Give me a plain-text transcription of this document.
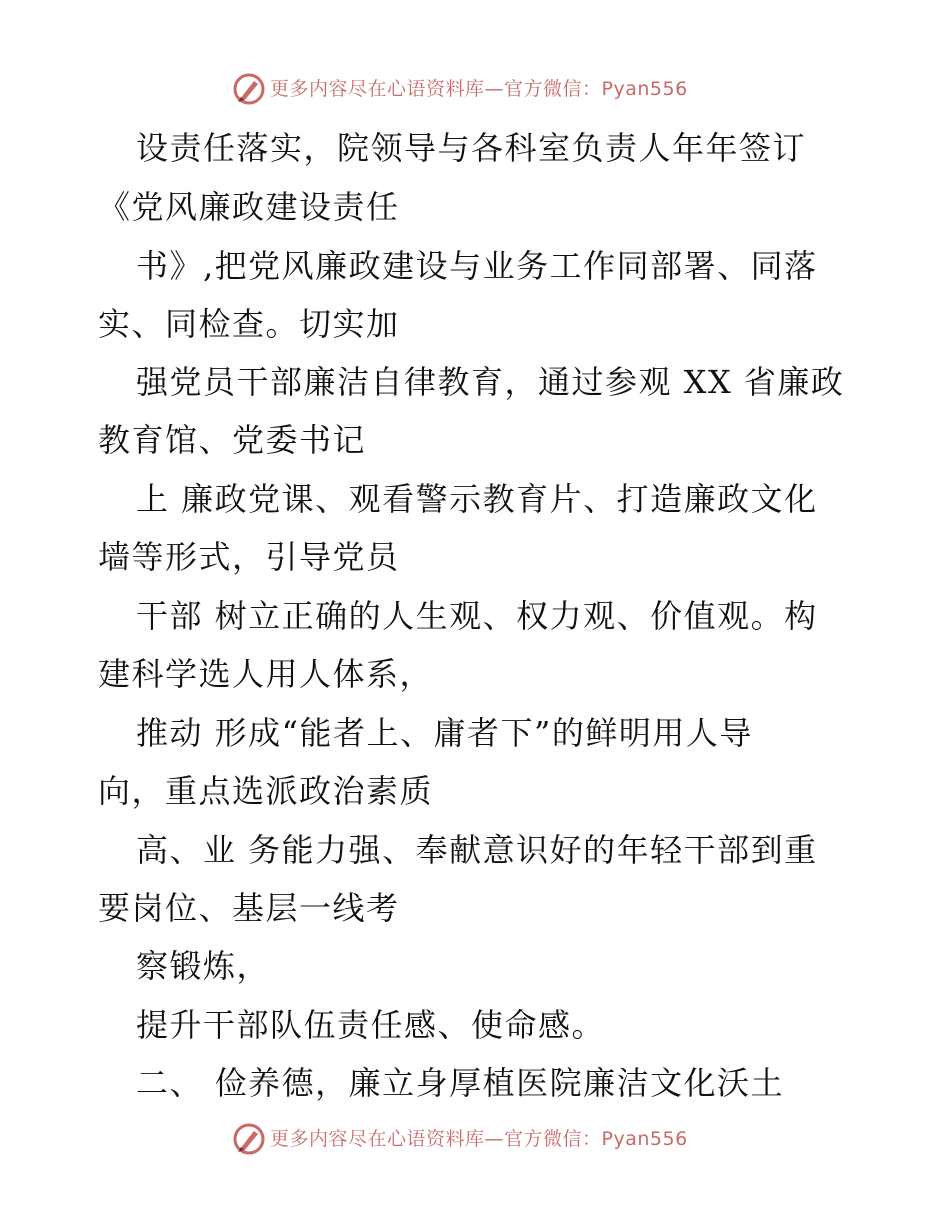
更多内容尽在心语资料库—官方微信：Pyan556
设责任落实，院领导与各科室负责人年年签订
《党风廉政建设责任
书》,把党风廉政建设与业务工作同部署、同落
实、同检查。切实加
强党员干部廉洁自律教育，通过参观 XX 省廉政
教育馆、党委书记
上 廉政党课、观看警示教育片、打造廉政文化
墙等形式，引导党员
干部 树立正确的人生观、权力观、价值观。构
建科学选人用人体系，
推动 形成“能者上、庸者下”的鲜明用人导
向，重点选派政治素质
高、业 务能力强、奉献意识好的年轻干部到重
要岗位、基层一线考
察锻炼，
提升干部队伍责任感、使命感。
二、 俭养德，廉立身厚植医院廉洁文化沃土
更多内容尽在心语资料库—官方微信：Pyan556
